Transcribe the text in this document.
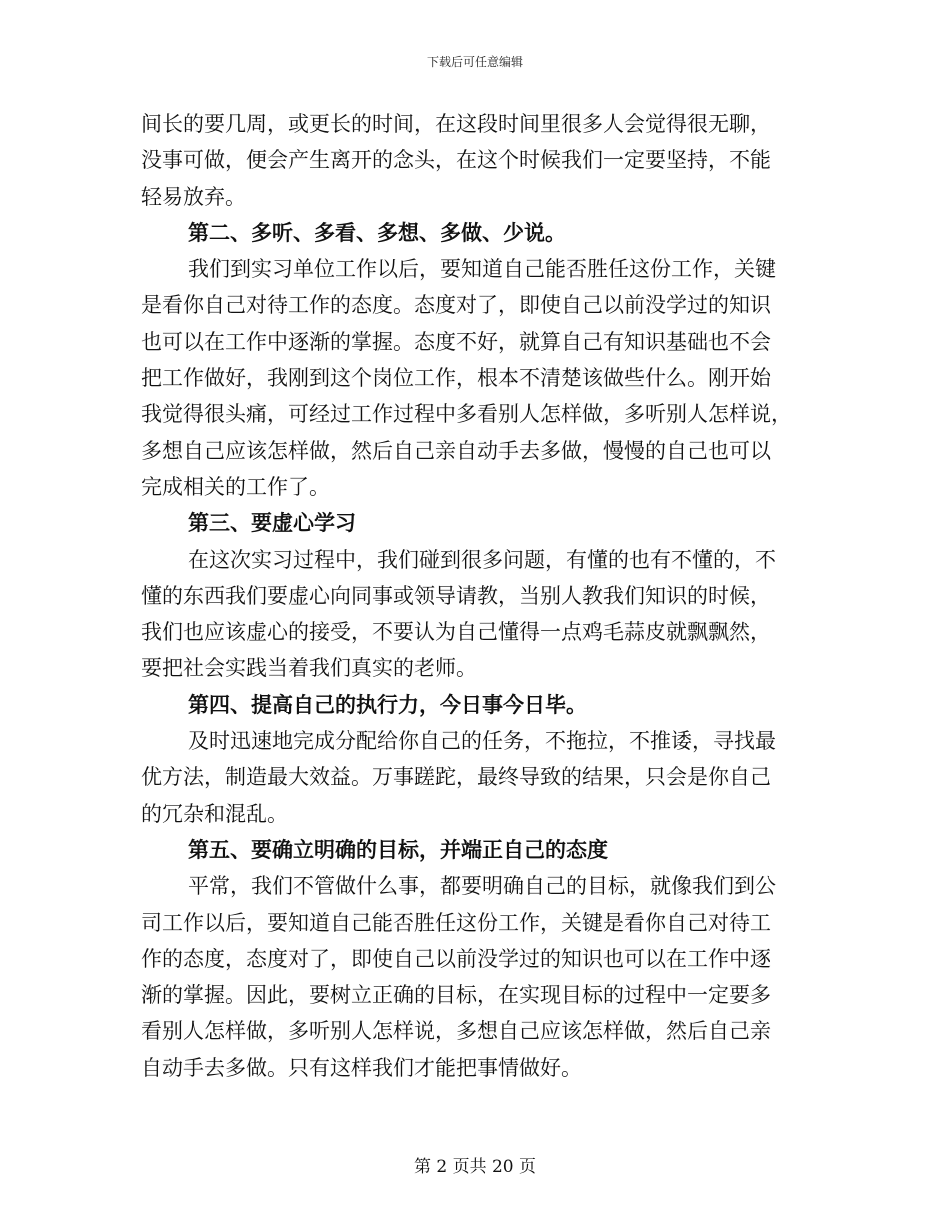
下载后可任意编辑
间长的要几周，或更长的时间，在这段时间里很多人会觉得很无聊，
没事可做，便会产生离开的念头，在这个时候我们一定要坚持，不能
轻易放弃。
第二、多听、多看、多想、多做、少说。
我们到实习单位工作以后，要知道自己能否胜任这份工作，关键
是看你自己对待工作的态度。态度对了，即使自己以前没学过的知识
也可以在工作中逐渐的掌握。态度不好，就算自己有知识基础也不会
把工作做好，我刚到这个岗位工作，根本不清楚该做些什么。刚开始
我觉得很头痛，可经过工作过程中多看别人怎样做，多听别人怎样说，
多想自己应该怎样做，然后自己亲自动手去多做，慢慢的自己也可以
完成相关的工作了。
第三、要虚心学习
在这次实习过程中，我们碰到很多问题，有懂的也有不懂的，不
懂的东西我们要虚心向同事或领导请教，当别人教我们知识的时候，
我们也应该虚心的接受，不要认为自己懂得一点鸡毛蒜皮就飘飘然，
要把社会实践当着我们真实的老师。
第四、提高自己的执行力，今日事今日毕。
及时迅速地完成分配给你自己的任务，不拖拉，不推诿，寻找最
优方法，制造最大效益。万事蹉跎，最终导致的结果，只会是你自己
的冗杂和混乱。
第五、要确立明确的目标，并端正自己的态度
平常，我们不管做什么事，都要明确自己的目标，就像我们到公
司工作以后，要知道自己能否胜任这份工作，关键是看你自己对待工
作的态度，态度对了，即使自己以前没学过的知识也可以在工作中逐
渐的掌握。因此，要树立正确的目标，在实现目标的过程中一定要多
看别人怎样做，多听别人怎样说，多想自己应该怎样做，然后自己亲
自动手去多做。只有这样我们才能把事情做好。
第 2 页共 20 页
